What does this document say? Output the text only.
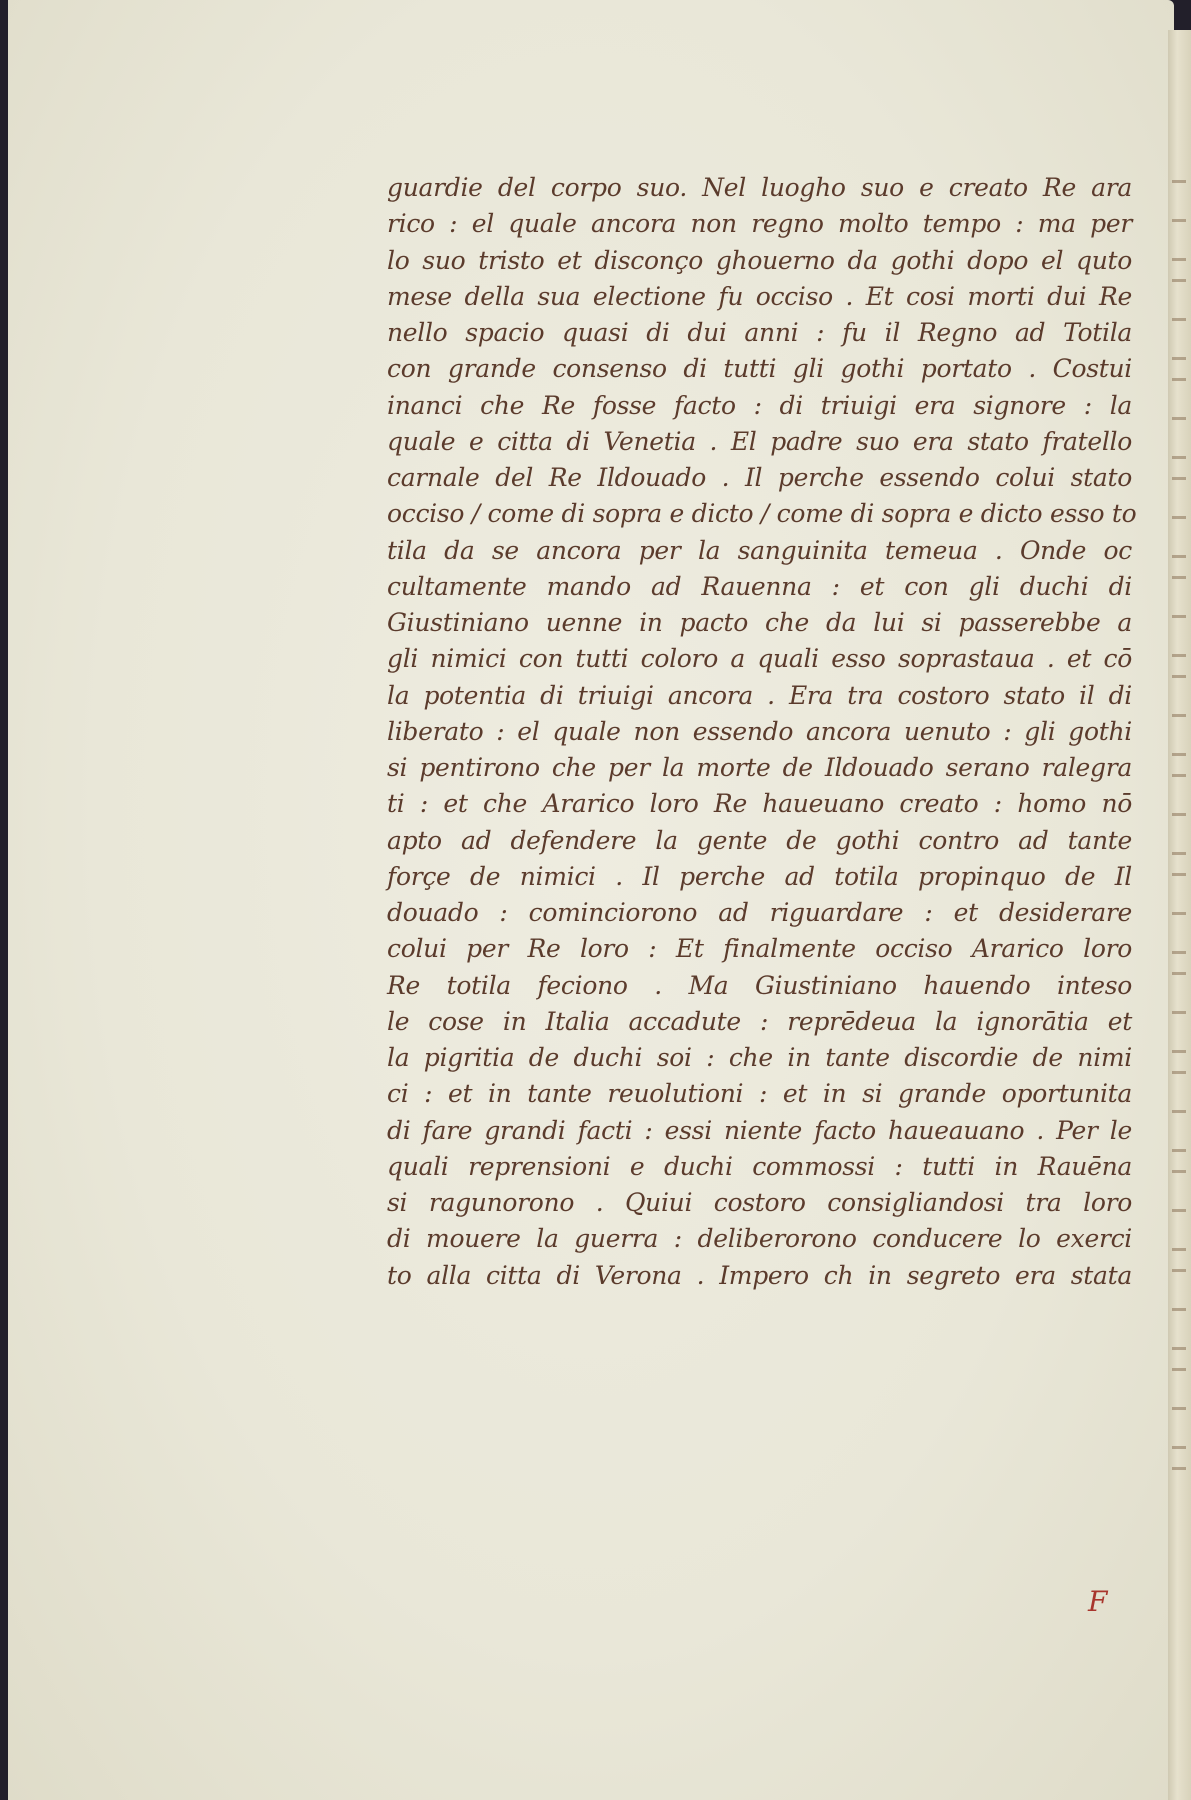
guardie del corpo suo. Nel luogho suo e creato Re ara
rico : el quale ancora non regno molto tempo : ma per
lo suo tristo et disconço ghouerno da gothi dopo el quto
mese della sua electione fu occiso . Et cosi morti dui Re
nello spacio quasi di dui anni : fu il Regno ad Totila
con grande consenso di tutti gli gothi portato . Costui
inanci che Re fosse facto : di triuigi era signore : la
quale e citta di Venetia . El padre suo era stato fratello
carnale del Re Ildouado . Il perche essendo colui stato
occiso / come di sopra e dicto / come di sopra e dicto esso to
tila da se ancora per la sanguinita temeua . Onde oc
cultamente mando ad Rauenna : et con gli duchi di
Giustiniano uenne in pacto che da lui si passerebbe a
gli nimici con tutti coloro a quali esso soprastaua . et cō
la potentia di triuigi ancora . Era tra costoro stato il di
liberato : el quale non essendo ancora uenuto : gli gothi
si pentirono che per la morte de Ildouado serano ralegra
ti : et che Ararico loro Re haueuano creato : homo nō
apto ad defendere la gente de gothi contro ad tante
forçe de nimici . Il perche ad totila propinquo de Il
douado : cominciorono ad riguardare : et desiderare
colui per Re loro : Et finalmente occiso Ararico loro
Re totila feciono . Ma Giustiniano hauendo inteso
le cose in Italia accadute : reprēdeua la ignorātia et
la pigritia de duchi soi : che in tante discordie de nimi
ci : et in tante reuolutioni : et in si grande oportunita
di fare grandi facti : essi niente facto haueauano . Per le
quali reprensioni e duchi commossi : tutti in Rauēna
si ragunorono . Quiui costoro consigliandosi tra loro
di mouere la guerra : deliberorono conducere lo exerci
to alla citta di Verona . Impero ch in segreto era stata
F
